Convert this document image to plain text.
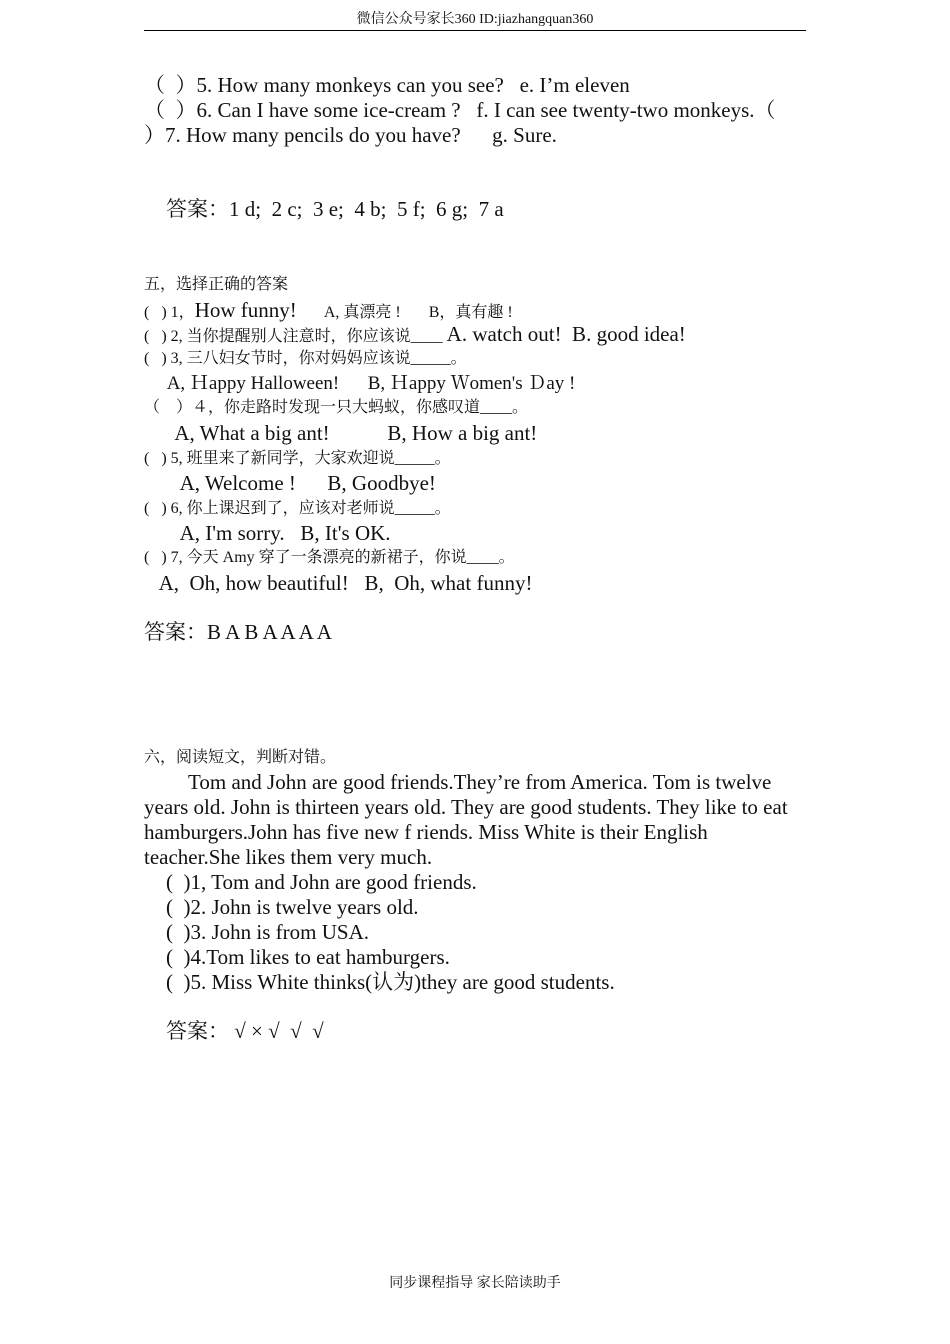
微信公众号家长360 ID:jiazhangquan360
（  ）5. How many monkeys can you see?   e. I’m eleven
（  ）6. Can I have some ice-cream ?   f. I can see twenty-two monkeys.（
）7. How many pencils do you have?      g. Sure.
答案：1 d;  2 c;  3 e;  4 b;  5 f;  6 g;  7 a
五，选择正确的答案
(   ) 1，How funny!       A, 真漂亮 !       B，真有趣 !
(   ) 2, 当你提醒别人注意时，你应该说____ A. watch out!  B. good idea!
(   ) 3, 三八妇女节时，你对妈妈应该说_____。
A, Ｈappy Halloween!      B, Ｈappy Ｗomen's Ｄay !
（    ）４，你走路时发现一只大蚂蚁，你感叹道____。
A, What a big ant!           B, How a big ant!
(   ) 5, 班里来了新同学，大家欢迎说_____。
A, Welcome !      B, Goodbye!
(   ) 6, 你上课迟到了，应该对老师说_____。
A, I'm sorry.   B, It's OK.
(   ) 7, 今天 Amy 穿了一条漂亮的新裙子，你说____。
A,  Oh, how beautiful!   B,  Oh, what funny!
答案：B A B A A A A
六，阅读短文，判断对错。

Tom and John are good friends.They’re from America. Tom is twelve years old. John is thirteen years old. They are good students. They like to eat hamburgers.John has five new f riends. Miss White is their English teacher.She likes them very much.

(  )1, Tom and John are good friends.
(  )2. John is twelve years old.
(  )3. John is from USA.
(  )4.Tom likes to eat hamburgers.
(  )5. Miss White thinks(认为)they are good students.
答案： √ × √  √  √
同步课程指导 家长陪读助手
